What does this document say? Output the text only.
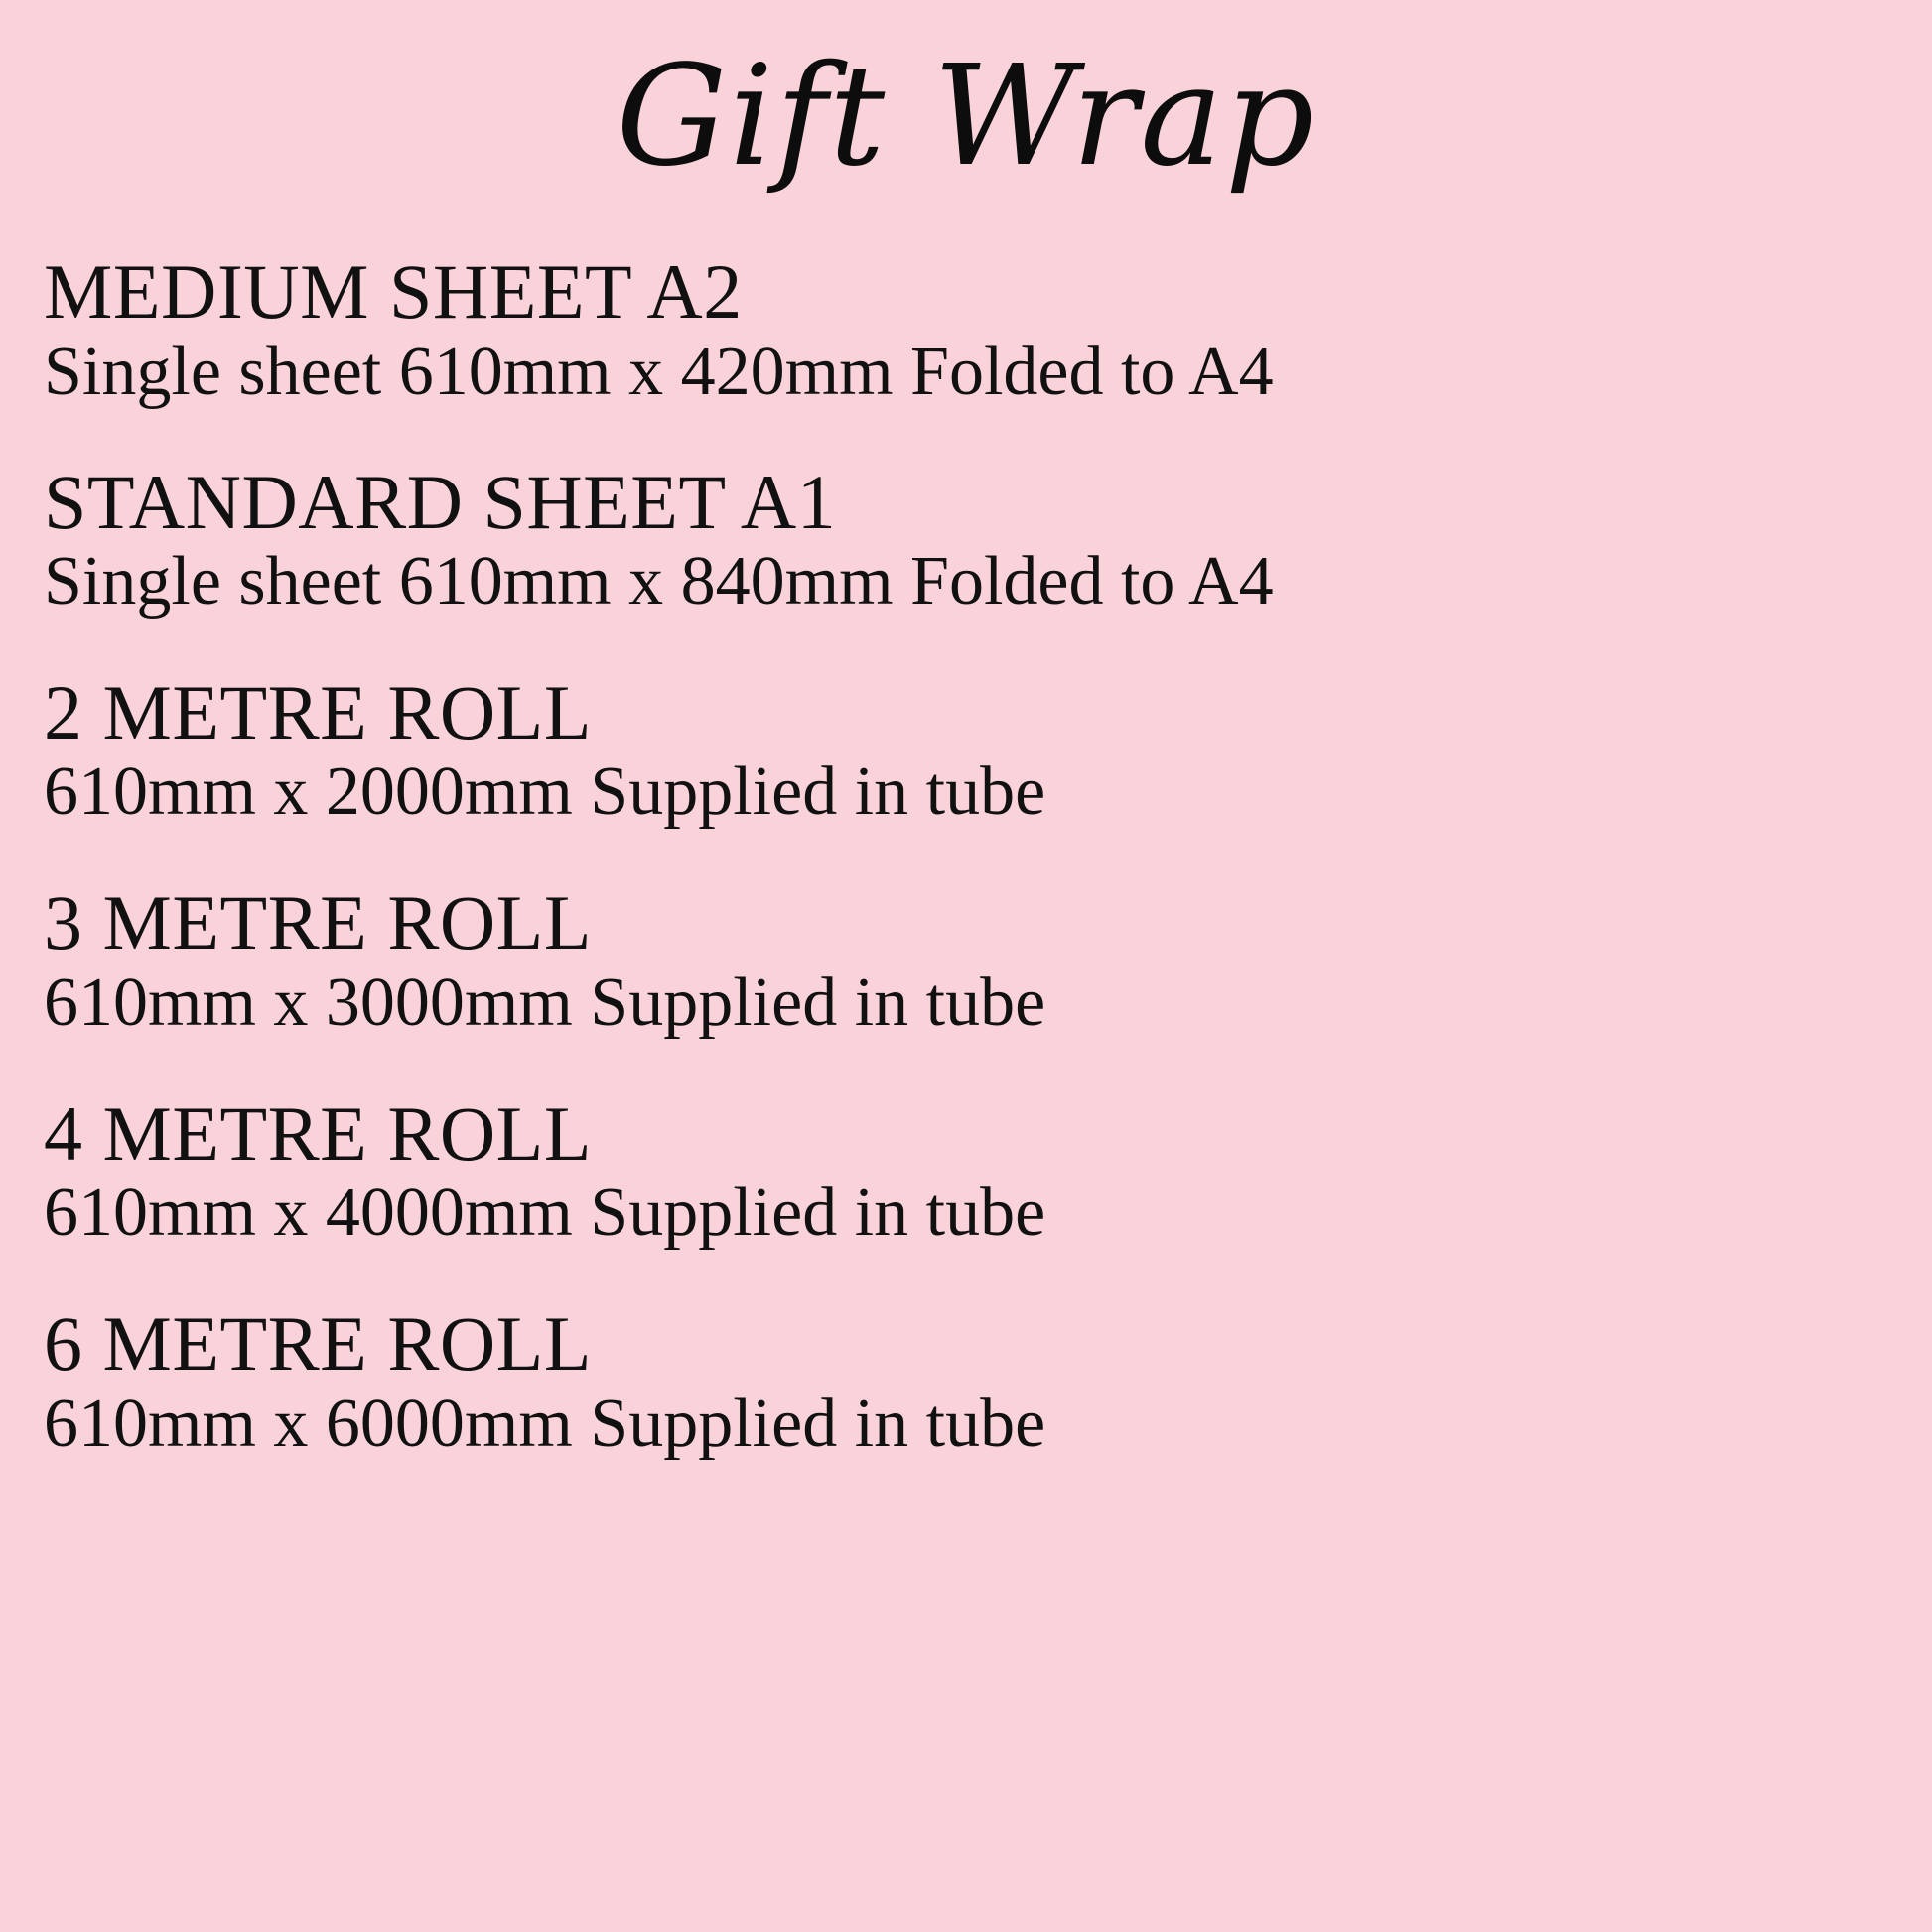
Gift Wrap
MEDIUM SHEET A2
Single sheet 610mm x 420mm Folded to A4
STANDARD SHEET A1
Single sheet 610mm x 840mm Folded to A4
2 METRE ROLL
610mm x 2000mm Supplied in tube
3 METRE ROLL
610mm x 3000mm Supplied in tube
4 METRE ROLL
610mm x 4000mm Supplied in tube
6 METRE ROLL
610mm x 6000mm Supplied in tube
